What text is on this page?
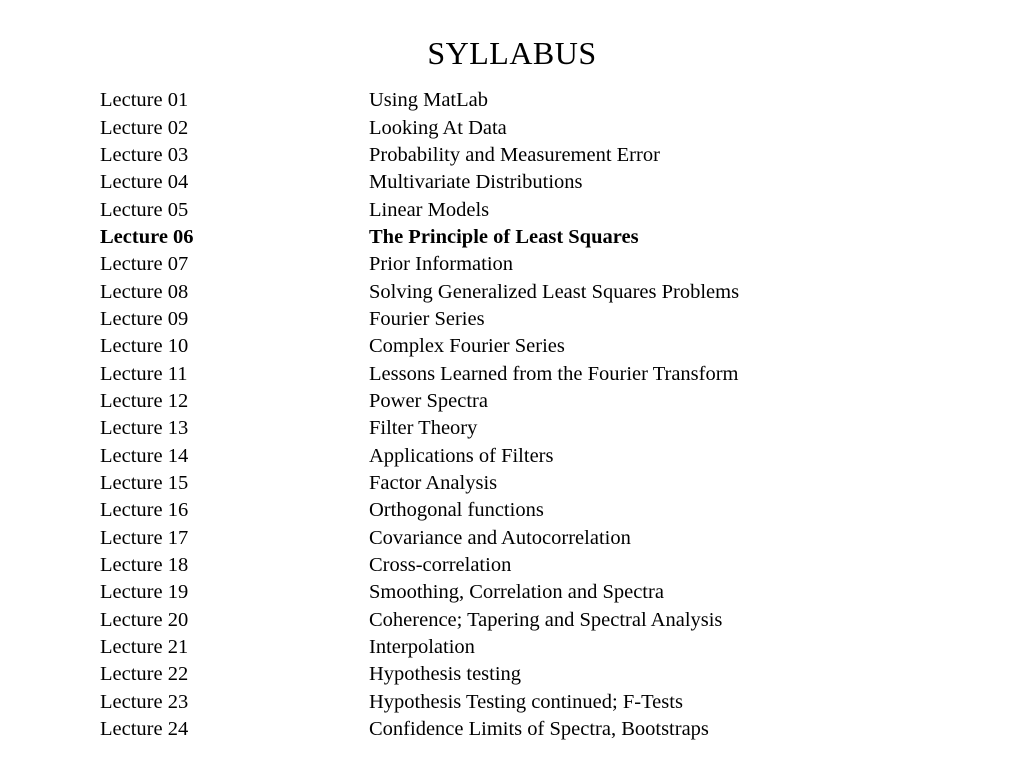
SYLLABUS
Lecture 01	Using MatLab
Lecture 02	Looking At Data
Lecture 03	Probability and Measurement Error
Lecture 04	Multivariate Distributions
Lecture 05	Linear Models
Lecture 06	The Principle of Least Squares
Lecture 07	Prior Information
Lecture 08	Solving Generalized Least Squares Problems
Lecture 09	Fourier Series
Lecture 10	Complex Fourier Series
Lecture 11	Lessons Learned from the Fourier Transform
Lecture 12	Power Spectra
Lecture 13	Filter Theory
Lecture 14	Applications of Filters
Lecture 15	Factor Analysis
Lecture 16	Orthogonal functions
Lecture 17	Covariance and Autocorrelation
Lecture 18	Cross-correlation
Lecture 19	Smoothing, Correlation and Spectra
Lecture 20	Coherence; Tapering and Spectral Analysis
Lecture 21	Interpolation
Lecture 22	Hypothesis testing
Lecture 23	Hypothesis Testing continued; F-Tests
Lecture 24	Confidence Limits of Spectra, Bootstraps
